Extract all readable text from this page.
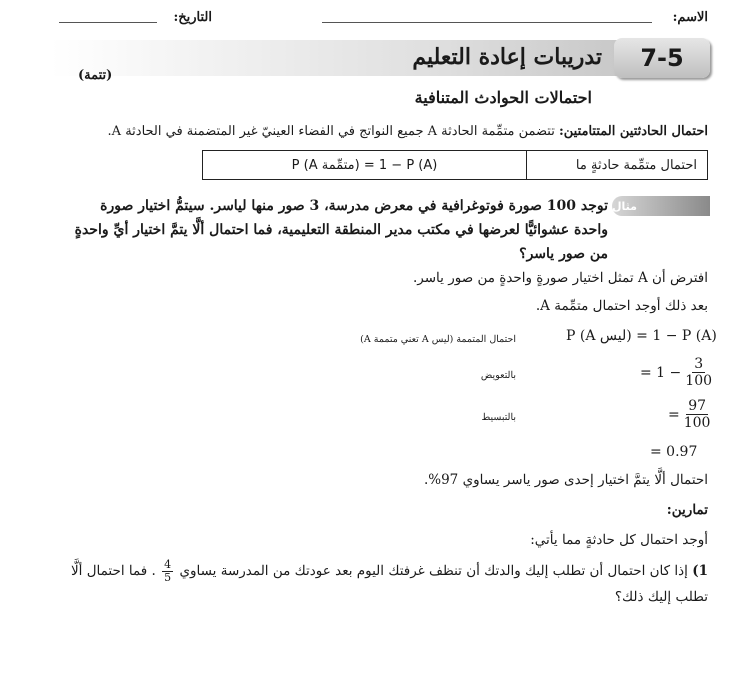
الاسم:
التاريخ:
7-5
تدريبات إعادة التعليم
(تتمة)
احتمالات الحوادث المتنافية
احتمال الحادثتين المتتامتين: تتضمن متمِّمة الحادثة A جميع النواتج في الفضاء العينيّ غير المتضمنة في الحادثة A.
P (A متمِّمة) = 1 − P (A)	احتمال متمِّمة حادثةٍ ما
مثال
توجد 100 صورة فوتوغرافية في معرض مدرسة، 3 صور منها لياسر. سيتمُّ اختيار صورة واحدة عشوائيًّا لعرضها في مكتب مدير المنطقة التعليمية، فما احتمال ألَّا يتمَّ اختيار أيِّ واحدةٍ من صور ياسر؟
افترض أن A تمثل اختيار صورةٍ واحدةٍ من صور ياسر.
بعد ذلك أوجد احتمال متمِّمة A.
P (A ليس) = 1 − P (A)
احتمال المتممة (ليس A تعني متممة A)
= $1 - \frac{3}{100}$
بالتعويض
= $\frac{97}{100}$
بالتبسيط
= 0.97
احتمال ألَّا يتمَّ اختيار إحدى صور ياسر يساوي 97%.
تمارين:
أوجد احتمال كل حادثةٍ مما يأتي:
1) إذا كان احتمال أن تطلب إليك والدتك أن تنظف غرفتك اليوم بعد عودتك من المدرسة يساوي
$\frac{4}{5}$
. فما احتمال ألَّا تطلب إليك ذلك؟
